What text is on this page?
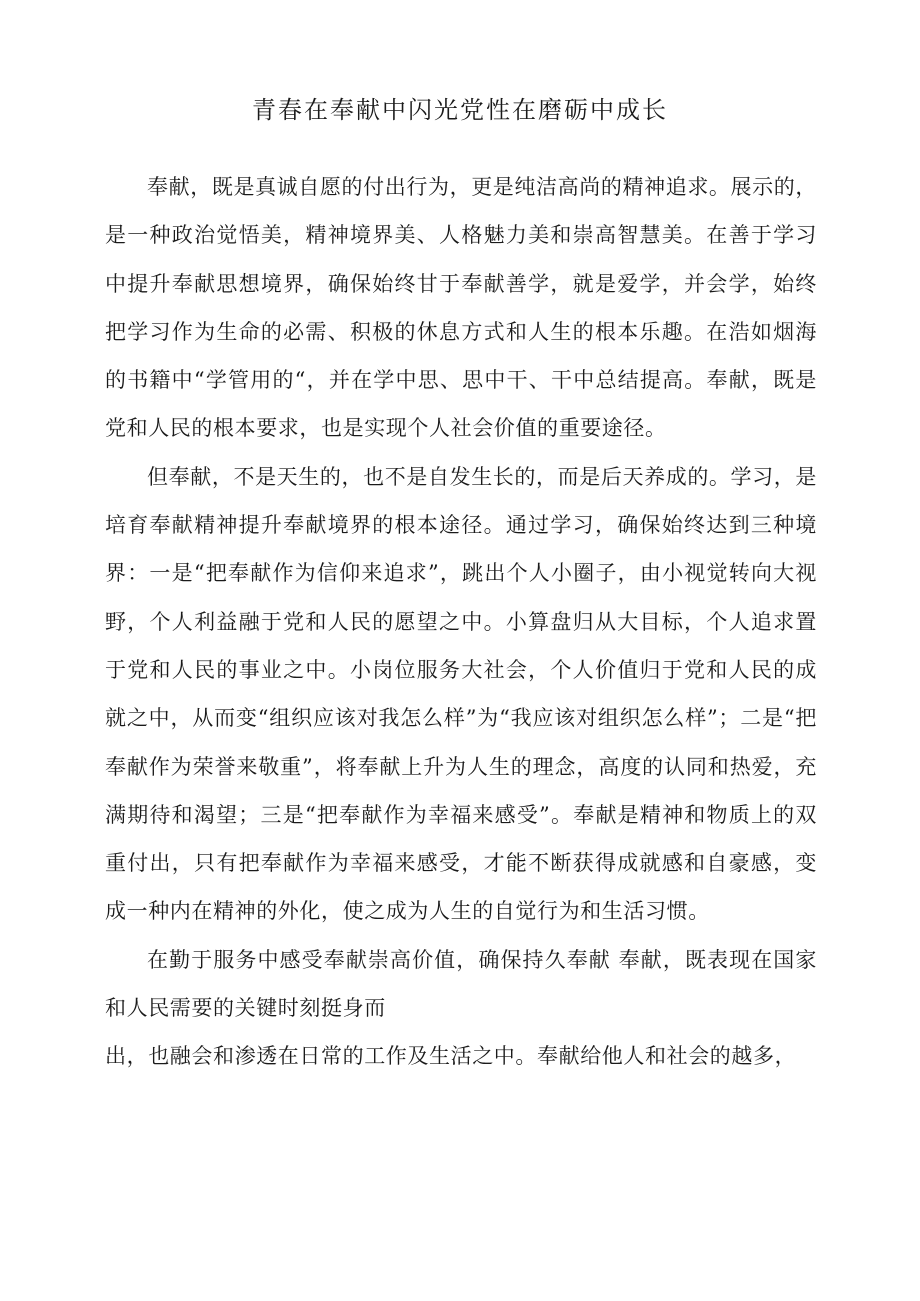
青春在奉献中闪光党性在磨砺中成长

奉献，既是真诚自愿的付出行为，更是纯洁高尚的精神追求。展示的，是一种政治觉悟美，精神境界美、人格魅力美和崇高智慧美。在善于学习中提升奉献思想境界，确保始终甘于奉献善学，就是爱学，并会学，始终把学习作为生命的必需、积极的休息方式和人生的根本乐趣。在浩如烟海的书籍中“学管用的“，并在学中思、思中干、干中总结提高。奉献，既是党和人民的根本要求，也是实现个人社会价值的重要途径。

但奉献，不是天生的，也不是自发生长的，而是后天养成的。学习，是培育奉献精神提升奉献境界的根本途径。通过学习，确保始终达到三种境界：一是“把奉献作为信仰来追求”，跳出个人小圈子，由小视觉转向大视野，个人利益融于党和人民的愿望之中。小算盘归从大目标，个人追求置于党和人民的事业之中。小岗位服务大社会，个人价值归于党和人民的成就之中，从而变“组织应该对我怎么样”为“我应该对组织怎么样”；二是“把奉献作为荣誉来敬重”，将奉献上升为人生的理念，高度的认同和热爱，充满期待和渴望；三是“把奉献作为幸福来感受”。奉献是精神和物质上的双重付出，只有把奉献作为幸福来感受，才能不断获得成就感和自豪感，变成一种内在精神的外化，使之成为人生的自觉行为和生活习惯。

在勤于服务中感受奉献崇高价值，确保持久奉献 奉献，既表现在国家和人民需要的关键时刻挺身而

出，也融会和渗透在日常的工作及生活之中。奉献给他人和社会的越多，
